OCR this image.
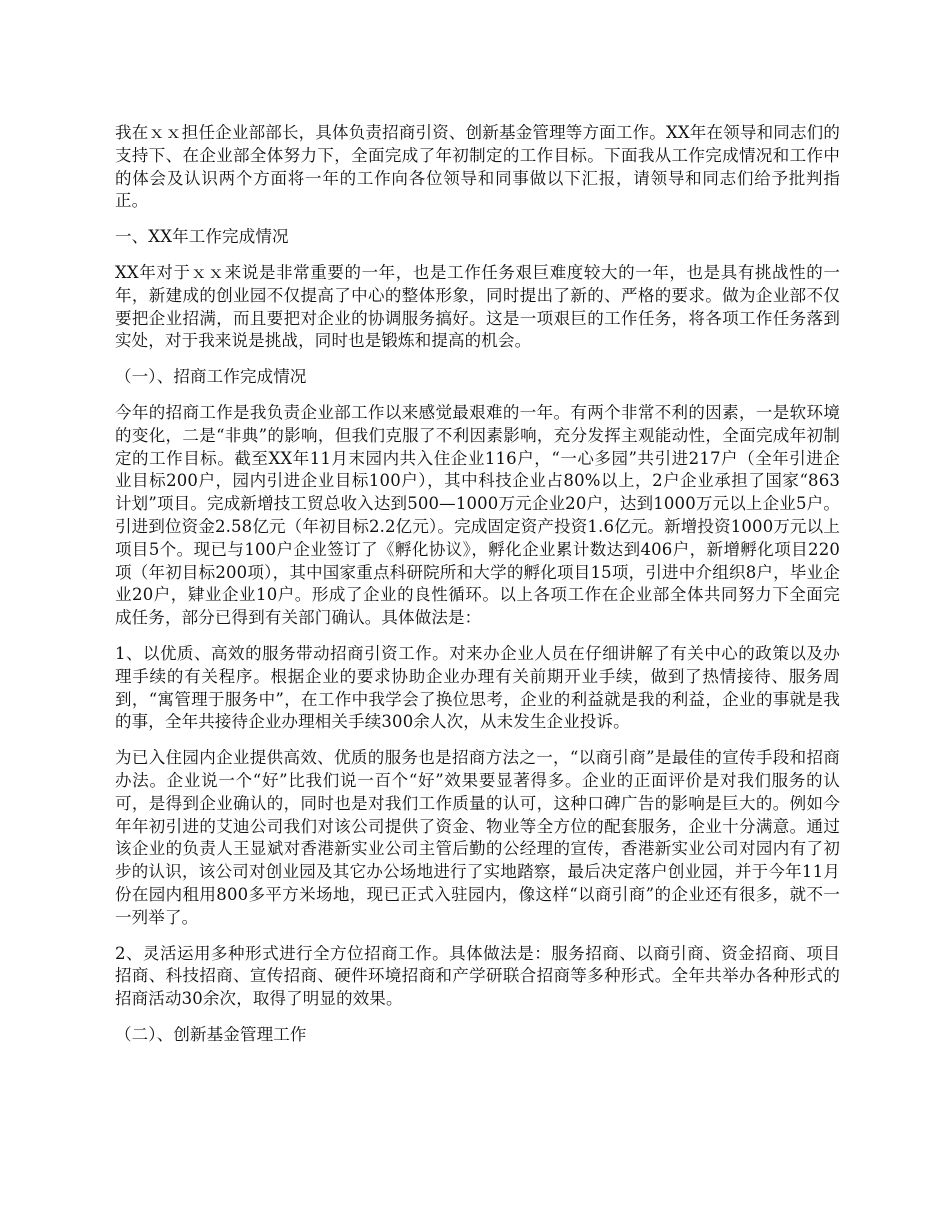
我在ｘｘ担任企业部部长，具体负责招商引资、创新基金管理等方面工作。XX年在领导和同志们的支持下、在企业部全体努力下，全面完成了年初制定的工作目标。下面我从工作完成情况和工作中的体会及认识两个方面将一年的工作向各位领导和同事做以下汇报，请领导和同志们给予批判指正。

一、XX年工作完成情况

XX年对于ｘｘ来说是非常重要的一年，也是工作任务艰巨难度较大的一年，也是具有挑战性的一年，新建成的创业园不仅提高了中心的整体形象，同时提出了新的、严格的要求。做为企业部不仅要把企业招满，而且要把对企业的协调服务搞好。这是一项艰巨的工作任务，将各项工作任务落到实处，对于我来说是挑战，同时也是锻炼和提高的机会。

（一）、招商工作完成情况

今年的招商工作是我负责企业部工作以来感觉最艰难的一年。有两个非常不利的因素，一是软环境的变化，二是“非典”的影响，但我们克服了不利因素影响，充分发挥主观能动性，全面完成年初制定的工作目标。截至XX年11月末园内共入住企业116户，“一心多园”共引进217户（全年引进企业目标200户，园内引进企业目标100户），其中科技企业占80%以上，2户企业承担了国家“863计划”项目。完成新增技工贸总收入达到500—1000万元企业20户，达到1000万元以上企业5户。引进到位资金2.58亿元（年初目标2.2亿元）。完成固定资产投资1.6亿元。新增投资1000万元以上项目5个。现已与100户企业签订了《孵化协议》，孵化企业累计数达到406户，新增孵化项目220项（年初目标200项），其中国家重点科研院所和大学的孵化项目15项，引进中介组织8户，毕业企业20户，肄业企业10户。形成了企业的良性循环。以上各项工作在企业部全体共同努力下全面完成任务，部分已得到有关部门确认。具体做法是：

1、以优质、高效的服务带动招商引资工作。对来办企业人员在仔细讲解了有关中心的政策以及办理手续的有关程序。根据企业的要求协助企业办理有关前期开业手续，做到了热情接待、服务周到，“寓管理于服务中”，在工作中我学会了换位思考，企业的利益就是我的利益，企业的事就是我的事，全年共接待企业办理相关手续300余人次，从未发生企业投诉。

为已入住园内企业提供高效、优质的服务也是招商方法之一，“以商引商”是最佳的宣传手段和招商办法。企业说一个“好”比我们说一百个“好”效果要显著得多。企业的正面评价是对我们服务的认可，是得到企业确认的，同时也是对我们工作质量的认可，这种口碑广告的影响是巨大的。例如今年年初引进的艾迪公司我们对该公司提供了资金、物业等全方位的配套服务，企业十分满意。通过该企业的负责人王显斌对香港新实业公司主管后勤的公经理的宣传，香港新实业公司对园内有了初步的认识，该公司对创业园及其它办公场地进行了实地踏察，最后决定落户创业园，并于今年11月份在园内租用800多平方米场地，现已正式入驻园内，像这样“以商引商”的企业还有很多，就不一一列举了。

2、灵活运用多种形式进行全方位招商工作。具体做法是：服务招商、以商引商、资金招商、项目招商、科技招商、宣传招商、硬件环境招商和产学研联合招商等多种形式。全年共举办各种形式的招商活动30余次，取得了明显的效果。

（二）、创新基金管理工作
